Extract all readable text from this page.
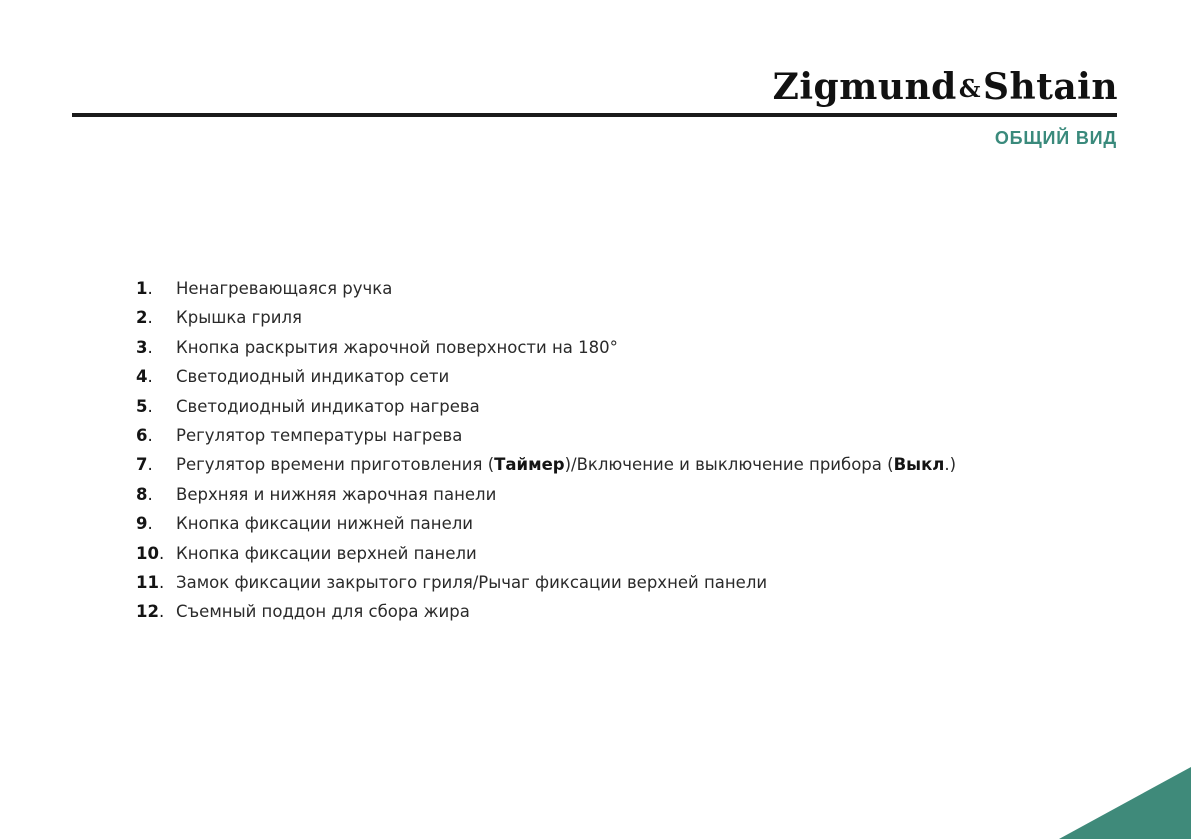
Zigmund&Shtain
ОБЩИЙ ВИД
1.	Ненагревающаяся ручка
2.	Крышка гриля
3.	Кнопка раскрытия жарочной поверхности на 180°
4.	Светодиодный индикатор сети
5.	Светодиодный индикатор нагрева
6.	Регулятор температуры нагрева
7.	Регулятор времени приготовления (Таймер)/Включение и выключение прибора (Выкл.)
8.	Верхняя и нижняя жарочная панели
9.	Кнопка фиксации нижней панели
10. Кнопка фиксации верхней панели
11. Замок фиксации закрытого гриля/Рычаг фиксации верхней панели
12. Съемный поддон для сбора жира
